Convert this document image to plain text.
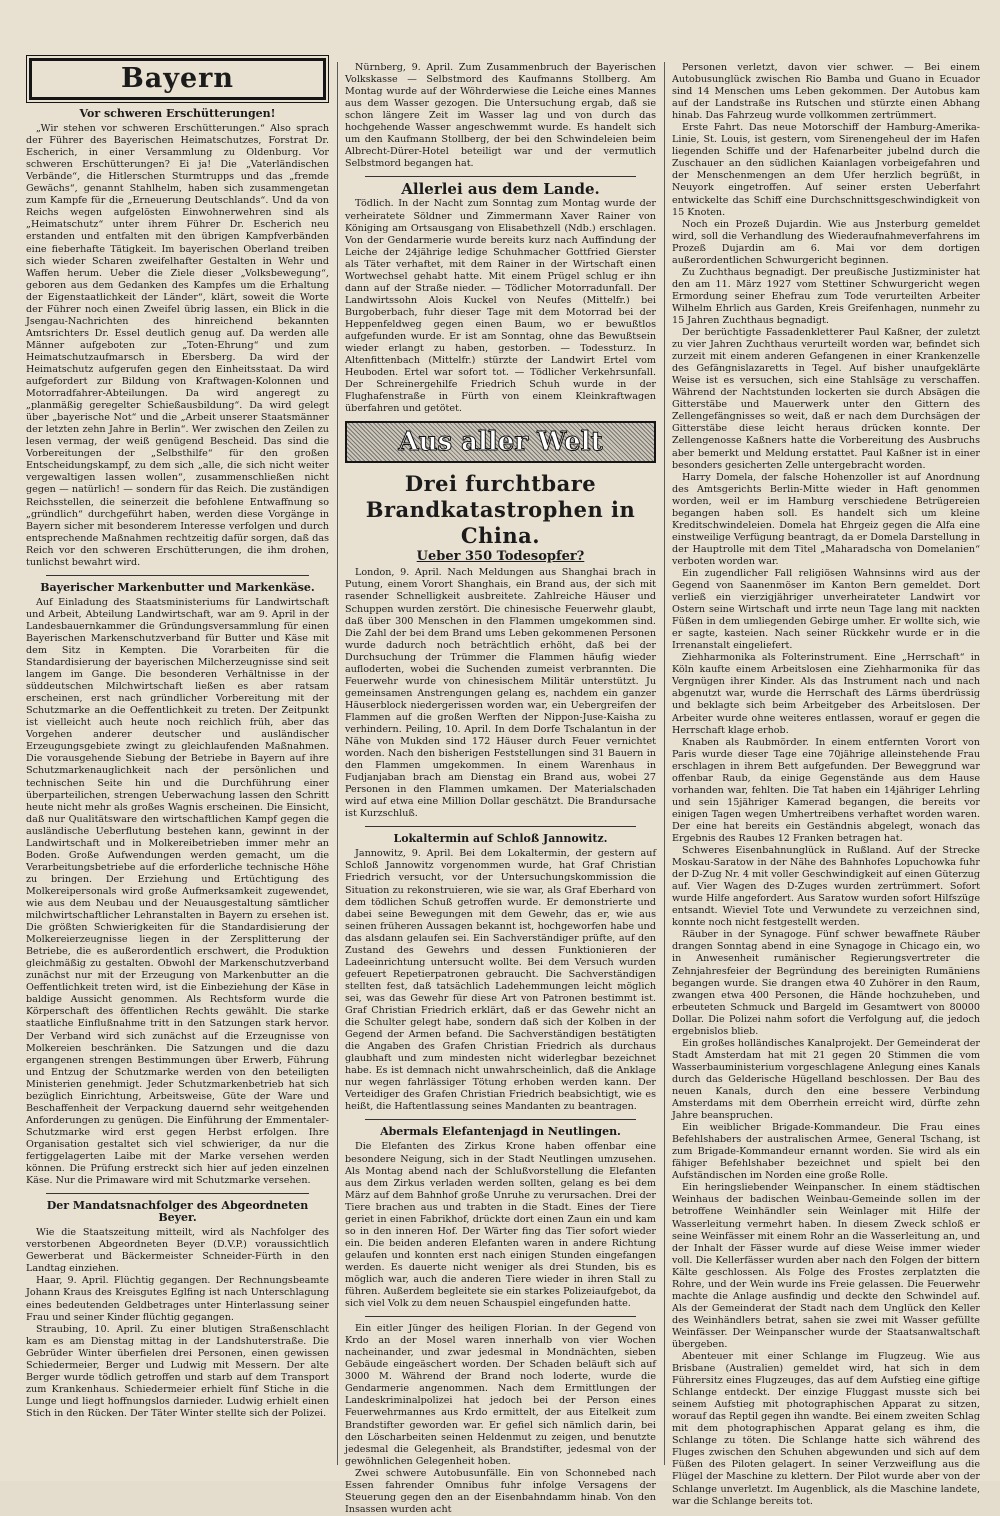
Bayern
Vor schweren Erschütterungen!

„Wir stehen vor schweren Erschütterungen.“ Also sprach der Führer des Bayerischen Heimatschutzes, Forstrat Dr. Escherich, in einer Versammlung zu Oldenburg. Vor schweren Erschütterungen? Ei ja! Die „Vaterländischen Verbände“, die Hitlerschen Sturmtrupps und das „fremde Gewächs“, genannt Stahlhelm, haben sich zusammengetan zum Kampfe für die „Erneuerung Deutschlands“. Und da von Reichs wegen aufgelösten Einwohnerwehren sind als „Heimatschutz“ unter ihrem Führer Dr. Escherich neu erstanden und entfalten mit den übrigen Kampfverbänden eine fieberhafte Tätigkeit. Im bayerischen Oberland treiben sich wieder Scharen zweifelhafter Gestalten in Wehr und Waffen herum. Ueber die Ziele dieser „Volksbewegung“, geboren aus dem Gedanken des Kampfes um die Erhaltung der Eigenstaatlichkeit der Länder“, klärt, soweit die Worte der Führer noch einen Zweifel übrig lassen, ein Blick in die Jsengau-Nachrichten des hinreichend bekannten Amtsrichters Dr. Essel deutlich genug auf. Da werden alle Männer aufgeboten zur „Toten-Ehrung“ und zum Heimatschutzaufmarsch in Ebersberg. Da wird der Heimatschutz aufgerufen gegen den Einheitsstaat. Da wird aufgefordert zur Bildung von Kraftwagen-Kolonnen und Motorradfahrer-Abteilungen. Da wird angeregt zu „planmäßig geregelter Schießausbildung“. Da wird gelegt über „bayerische Not“ und die „Arbeit unserer Staatsmänner der letzten zehn Jahre in Berlin“. Wer zwischen den Zeilen zu lesen vermag, der weiß genügend Bescheid. Das sind die Vorbereitungen der „Selbsthilfe“ für den großen Entscheidungskampf, zu dem sich „alle, die sich nicht weiter vergewaltigen lassen wollen“, zusammenschließen nicht gegen — natürlich! — sondern für das Reich. Die zuständigen Reichsstellen, die seinerzeit die befohlene Entwaffnung so „gründlich“ durchgeführt haben, werden diese Vorgänge in Bayern sicher mit besonderem Interesse verfolgen und durch entsprechende Maßnahmen rechtzeitig dafür sorgen, daß das Reich vor den schweren Erschütterungen, die ihm drohen, tunlichst bewahrt wird.

Bayerischer Markenbutter und Markenkäse.

Auf Einladung des Staatsministeriums für Landwirtschaft und Arbeit, Abteilung Landwirtschaft, war am 9. April in der Landesbauernkammer die Gründungsversammlung für einen Bayerischen Markenschutzverband für Butter und Käse mit dem Sitz in Kempten. Die Vorarbeiten für die Standardisierung der bayerischen Milcherzeugnisse sind seit langem im Gange. Die besonderen Verhältnisse in der süddeutschen Milchwirtschaft ließen es aber ratsam erscheinen, erst nach gründlicher Vorbereitung mit der Schutzmarke an die Oeffentlichkeit zu treten. Der Zeitpunkt ist vielleicht auch heute noch reichlich früh, aber das Vorgehen anderer deutscher und ausländischer Erzeugungsgebiete zwingt zu gleichlaufenden Maßnahmen. Die vorausgehende Siebung der Betriebe in Bayern auf ihre Schutzmarkenauglichkeit nach der persönlichen und technischen Seite hin und die Durchführung einer überparteilichen, strengen Ueberwachung lassen den Schritt heute nicht mehr als großes Wagnis erscheinen. Die Einsicht, daß nur Qualitätsware den wirtschaftlichen Kampf gegen die ausländische Ueberflutung bestehen kann, gewinnt in der Landwirtschaft und in Molkereibetrieben immer mehr an Boden. Große Aufwendungen werden gemacht, um die Verarbeitungsbetriebe auf die erforderliche technische Höhe zu bringen. Der Erziehung und Ertüchtigung des Molkereipersonals wird große Aufmerksamkeit zugewendet, wie aus dem Neubau und der Neuausgestaltung sämtlicher milchwirtschaftlicher Lehranstalten in Bayern zu ersehen ist. Die größten Schwierigkeiten für die Standardisierung der Molkereierzeugnisse liegen in der Zersplitterung der Betriebe, die es außerordentlich erschwert, die Produktion gleichmäßig zu gestalten. Obwohl der Markenschutzverband zunächst nur mit der Erzeugung von Markenbutter an die Oeffentlichkeit treten wird, ist die Einbeziehung der Käse in baldige Aussicht genommen. Als Rechtsform wurde die Körperschaft des öffentlichen Rechts gewählt. Die starke staatliche Einflußnahme tritt in den Satzungen stark hervor. Der Verband wird sich zunächst auf die Erzeugnisse von Molkereien beschränken. Die Satzungen und die dazu ergangenen strengen Bestimmungen über Erwerb, Führung und Entzug der Schutzmarke werden von den beteiligten Ministerien genehmigt. Jeder Schutzmarkenbetrieb hat sich bezüglich Einrichtung, Arbeitsweise, Güte der Ware und Beschaffenheit der Verpackung dauernd sehr weitgehenden Anforderungen zu genügen. Die Einführung der Emmentaler-Schutzmarke wird erst gegen Herbst erfolgen. Ihre Organisation gestaltet sich viel schwieriger, da nur die fertiggelagerten Laibe mit der Marke versehen werden können. Die Prüfung erstreckt sich hier auf jeden einzelnen Käse. Nur die Primaware wird mit Schutzmarke versehen.

Der Mandatsnachfolger des Abgeordneten Beyer.

Wie die Staatszeitung mitteilt, wird als Nachfolger des verstorbenen Abgeordneten Beyer (D.V.P.) voraussichtlich Gewerberat und Bäckermeister Schneider-Fürth in den Landtag einziehen.

Haar, 9. April. Flüchtig gegangen. Der Rechnungsbeamte Johann Kraus des Kreisgutes Eglfing ist nach Unterschlagung eines bedeutenden Geldbetrages unter Hinterlassung seiner Frau und seiner Kinder flüchtig gegangen.

Straubing, 10. April. Zu einer blutigen Straßenschlacht kam es am Dienstag mittag in der Landshuterstraße. Die Gebrüder Winter überfielen drei Personen, einen gewissen Schiedermeier, Berger und Ludwig mit Messern. Der alte Berger wurde tödlich getroffen und starb auf dem Transport zum Krankenhaus. Schiedermeier erhielt fünf Stiche in die Lunge und liegt hoffnungslos darnieder. Ludwig erhielt einen Stich in den Rücken. Der Täter Winter stellte sich der Polizei.

Nürnberg, 9. April. Zum Zusammenbruch der Bayerischen Volkskasse — Selbstmord des Kaufmanns Stollberg. Am Montag wurde auf der Wöhrderwiese die Leiche eines Mannes aus dem Wasser gezogen. Die Untersuchung ergab, daß sie schon längere Zeit im Wasser lag und von durch das hochgehende Wasser angeschwemmt wurde. Es handelt sich um den Kaufmann Stollberg, der bei den Schwindeleien beim Albrecht-Dürer-Hotel beteiligt war und der vermutlich Selbstmord begangen hat.

Allerlei aus dem Lande.

Tödlich. In der Nacht zum Sonntag zum Montag wurde der verheiratete Söldner und Zimmermann Xaver Rainer von Königing am Ortsausgang von Elisabethzell (Ndb.) erschlagen. Von der Gendarmerie wurde bereits kurz nach Auffindung der Leiche der 24jährige ledige Schuhmacher Gottfried Gierster als Täter verhaftet, mit dem Rainer in der Wirtschaft einen Wortwechsel gehabt hatte. Mit einem Prügel schlug er ihn dann auf der Straße nieder. — Tödlicher Motorradunfall. Der Landwirtssohn Alois Kuckel von Neufes (Mittelfr.) bei Burgoberbach, fuhr dieser Tage mit dem Motorrad bei der Heppenfeldweg gegen einen Baum, wo er bewußtlos aufgefunden wurde. Er ist am Sonntag, ohne das Bewußtsein wieder erlangt zu haben, gestorben. — Todessturz. In Altenfittenbach (Mittelfr.) stürzte der Landwirt Ertel vom Heuboden. Ertel war sofort tot. — Tödlicher Verkehrsunfall. Der Schreinergehilfe Friedrich Schuh wurde in der Flughafenstraße in Fürth von einem Kleinkraftwagen überfahren und getötet.

Aus aller Welt
Drei furchtbare Brandkatastrophen in China.
Ueber 350 Todesopfer?

London, 9. April. Nach Meldungen aus Shanghai brach in Putung, einem Vorort Shanghais, ein Brand aus, der sich mit rasender Schnelligkeit ausbreitete. Zahlreiche Häuser und Schuppen wurden zerstört. Die chinesische Feuerwehr glaubt, daß über 300 Menschen in den Flammen umgekommen sind. Die Zahl der bei dem Brand ums Leben gekommenen Personen wurde dadurch noch beträchtlich erhöht, daß bei der Durchsuchung der Trümmer die Flammen häufig wieder aufloderten, wobei die Suchenden zumeist verbrannten. Die Feuerwehr wurde von chinesischem Militär unterstützt. Ju gemeinsamen Anstrengungen gelang es, nachdem ein ganzer Häuserblock niedergerissen worden war, ein Uebergreifen der Flammen auf die großen Werften der Nippon-Juse-Kaisha zu verhindern. Peiling, 10. April. In dem Dorfe Tschalantun in der Nähe von Mukden sind 172 Häuser durch Feuer vernichtet worden. Nach den bisherigen Feststellungen sind 31 Bauern in den Flammen umgekommen. In einem Warenhaus in Fudjanjaban brach am Dienstag ein Brand aus, wobei 27 Personen in den Flammen umkamen. Der Materialschaden wird auf etwa eine Million Dollar geschätzt. Die Brandursache ist Kurzschluß.

Lokaltermin auf Schloß Jannowitz.

Jannowitz, 9. April. Bei dem Lokaltermin, der gestern auf Schloß Jannowitz vorgenommen wurde, hat Graf Christian Friedrich versucht, vor der Untersuchungskommission die Situation zu rekonstruieren, wie sie war, als Graf Eberhard von dem tödlichen Schuß getroffen wurde. Er demonstrierte und dabei seine Bewegungen mit dem Gewehr, das er, wie aus seinen früheren Aussagen bekannt ist, hochgeworfen habe und das alsdann gelaufen sei. Ein Sachverständiger prüfte, auf den Zustand des Gewehrs und dessen Funktionieren der Ladeeinrichtung untersucht wollte. Bei dem Versuch wurden gefeuert Repetierpatronen gebraucht. Die Sachverständigen stellten fest, daß tatsächlich Ladehemmungen leicht möglich sei, was das Gewehr für diese Art von Patronen bestimmt ist. Graf Christian Friedrich erklärt, daß er das Gewehr nicht an die Schulter gelegt habe, sondern daß sich der Kolben in der Gegend der Armen befand. Die Sachverständigen bestätigten die Angaben des Grafen Christian Friedrich als durchaus glaubhaft und zum mindesten nicht widerlegbar bezeichnet habe. Es ist demnach nicht unwahrscheinlich, daß die Anklage nur wegen fahrlässiger Tötung erhoben werden kann. Der Verteidiger des Grafen Christian Friedrich beabsichtigt, wie es heißt, die Haftentlassung seines Mandanten zu beantragen.

Abermals Elefantenjagd in Neutlingen.

Die Elefanten des Zirkus Krone haben offenbar eine besondere Neigung, sich in der Stadt Neutlingen umzusehen. Als Montag abend nach der Schlußvorstellung die Elefanten aus dem Zirkus verladen werden sollten, gelang es bei dem März auf dem Bahnhof große Unruhe zu verursachen. Drei der Tiere brachen aus und trabten in die Stadt. Eines der Tiere geriet in einen Fabrikhof, drückte dort einen Zaun ein und kam so in den inneren Hof. Der Wärter fing das Tier sofort wieder ein. Die beiden anderen Elefanten waren in andere Richtung gelaufen und konnten erst nach einigen Stunden eingefangen werden. Es dauerte nicht weniger als drei Stunden, bis es möglich war, auch die anderen Tiere wieder in ihren Stall zu führen. Außerdem begleitete sie ein starkes Polizeiaufgebot, da sich viel Volk zu dem neuen Schauspiel eingefunden hatte.

Ein eitler Jünger des heiligen Florian. In der Gegend von Krdo an der Mosel waren innerhalb von vier Wochen nacheinander, und zwar jedesmal in Mondnächten, sieben Gebäude eingeäschert worden. Der Schaden beläuft sich auf 3000 M. Während der Brand noch loderte, wurde die Gendarmerie angenommen. Nach dem Ermittlungen der Landeskriminalpolizei hat jedoch bei der Person eines Feuerwehrmannes aus Krdo ermittelt, der aus Eitelkeit zum Brandstifter geworden war. Er gefiel sich nämlich darin, bei den Löscharbeiten seinen Heldenmut zu zeigen, und benutzte jedesmal die Gelegenheit, als Brandstifter, jedesmal von der gewöhnlichen Gelegenheit hoben.

Zwei schwere Autobusunfälle. Ein von Schonnebed nach Essen fahrender Omnibus fuhr infolge Versagens der Steuerung gegen den an der Eisenbahndamm hinab. Von den Insassen wurden acht

Personen verletzt, davon vier schwer. — Bei einem Autobusunglück zwischen Rio Bamba und Guano in Ecuador sind 14 Menschen ums Leben gekommen. Der Autobus kam auf der Landstraße ins Rutschen und stürzte einen Abhang hinab. Das Fahrzeug wurde vollkommen zertrümmert.

Erste Fahrt. Das neue Motorschiff der Hamburg-Amerika-Linie, St. Louis, ist gestern, vom Sirenengeheul der im Hafen liegenden Schiffe und der Hafenarbeiter jubelnd durch die Zuschauer an den südlichen Kaianlagen vorbeigefahren und der Menschenmengen an dem Ufer herzlich begrüßt, in Neuyork eingetroffen. Auf seiner ersten Ueberfahrt entwickelte das Schiff eine Durchschnittsgeschwindigkeit von 15 Knoten.

Noch ein Prozeß Dujardin. Wie aus Jnsterburg gemeldet wird, soll die Verhandlung des Wiederaufnahmeverfahrens im Prozeß Dujardin am 6. Mai vor dem dortigen außerordentlichen Schwurgericht beginnen.

Zu Zuchthaus begnadigt. Der preußische Justizminister hat den am 11. März 1927 vom Stettiner Schwurgericht wegen Ermordung seiner Ehefrau zum Tode verurteilten Arbeiter Wilhelm Ehrlich aus Garden, Kreis Greifenhagen, nunmehr zu 15 Jahren Zuchthaus begnadigt.

Der berüchtigte Fassadenkletterer Paul Kaßner, der zuletzt zu vier Jahren Zuchthaus verurteilt worden war, befindet sich zurzeit mit einem anderen Gefangenen in einer Krankenzelle des Gefängnislazaretts in Tegel. Auf bisher unaufgeklärte Weise ist es versuchen, sich eine Stahlsäge zu verschaffen. Während der Nachtstunden lockerten sie durch Absägen die Gitterstäbe und Mauerwerk unter den Gittern des Zellengefängnisses so weit, daß er nach dem Durchsägen der Gitterstäbe diese leicht heraus drücken konnte. Der Zellengenosse Kaßners hatte die Vorbereitung des Ausbruchs aber bemerkt und Meldung erstattet. Paul Kaßner ist in einer besonders gesicherten Zelle untergebracht worden.

Harry Domela, der falsche Hohenzoller ist auf Anordnung des Amtsgerichts Berlin-Mitte wieder in Haft genommen worden, weil er im Hamburg verschiedene Betrügereien begangen haben soll. Es handelt sich um kleine Kreditschwindeleien. Domela hat Ehrgeiz gegen die Alfa eine einstweilige Verfügung beantragt, da er Domela Darstellung in der Hauptrolle mit dem Titel „Maharadscha von Domelanien“ verboten worden war.

Ein zugendlicher Fall religiösen Wahnsinns wird aus der Gegend von Saanenmöser im Kanton Bern gemeldet. Dort verließ ein vierzigjähriger unverheirateter Landwirt vor Ostern seine Wirtschaft und irrte neun Tage lang mit nackten Füßen in dem umliegenden Gebirge umher. Er wollte sich, wie er sagte, kasteien. Nach seiner Rückkehr wurde er in die Irrenanstalt eingeliefert.

Ziehharmonika als Folterinstrument. Eine „Herrschaft“ in Köln kaufte einem Arbeitslosen eine Ziehharmonika für das Vergnügen ihrer Kinder. Als das Instrument nach und nach abgenutzt war, wurde die Herrschaft des Lärms überdrüssig und beklagte sich beim Arbeitgeber des Arbeitslosen. Der Arbeiter wurde ohne weiteres entlassen, worauf er gegen die Herrschaft klage erhob.

Knaben als Raubmörder. In einem entfernten Vorort von Paris wurde dieser Tage eine 70jährige alleinstehende Frau erschlagen in ihrem Bett aufgefunden. Der Beweggrund war offenbar Raub, da einige Gegenstände aus dem Hause vorhanden war, fehlten. Die Tat haben ein 14jähriger Lehrling und sein 15jähriger Kamerad begangen, die bereits vor einigen Tagen wegen Umhertreibens verhaftet worden waren. Der eine hat bereits ein Geständnis abgelegt, wonach das Ergebnis des Raubes 12 Franken betragen hat.

Schweres Eisenbahnunglück in Rußland. Auf der Strecke Moskau-Saratow in der Nähe des Bahnhofes Lopuchowka fuhr der D-Zug Nr. 4 mit voller Geschwindigkeit auf einen Güterzug auf. Vier Wagen des D-Zuges wurden zertrümmert. Sofort wurde Hilfe angefordert. Aus Saratow wurden sofort Hilfszüge entsandt. Wieviel Tote und Verwundete zu verzeichnen sind, konnte noch nicht festgestellt werden.

Räuber in der Synagoge. Fünf schwer bewaffnete Räuber drangen Sonntag abend in eine Synagoge in Chicago ein, wo in Anwesenheit rumänischer Regierungsvertreter die Zehnjahresfeier der Begründung des bereinigten Rumäniens begangen wurde. Sie drangen etwa 40 Zuhörer in den Raum, zwangen etwa 400 Personen, die Hände hochzuheben, und erbeuteten Schmuck und Bargeld im Gesamtwert von 80000 Dollar. Die Polizei nahm sofort die Verfolgung auf, die jedoch ergebnislos blieb.

Ein großes holländisches Kanalprojekt. Der Gemeinderat der Stadt Amsterdam hat mit 21 gegen 20 Stimmen die vom Wasserbauministerium vorgeschlagene Anlegung eines Kanals durch das Gelderische Hügelland beschlossen. Der Bau des neuen Kanals, durch den eine bessere Verbindung Amsterdams mit dem Oberrhein erreicht wird, dürfte zehn Jahre beanspruchen.

Ein weiblicher Brigade-Kommandeur. Die Frau eines Befehlshabers der australischen Armee, General Tschang, ist zum Brigade-Kommandeur ernannt worden. Sie wird als ein fähiger Befehlshaber bezeichnet und spielt bei den Aufständischen im Norden eine große Rolle.

Ein heringsliebender Weinpanscher. In einem städtischen Weinhaus der badischen Weinbau-Gemeinde sollen im der betroffene Weinhändler sein Weinlager mit Hilfe der Wasserleitung vermehrt haben. In diesem Zweck schloß er seine Weinfässer mit einem Rohr an die Wasserleitung an, und der Inhalt der Fässer wurde auf diese Weise immer wieder voll. Die Kellerfässer wurden aber nach den Folgen der bittern Kälte geschlossen. Als Folge des Frostes zerplatzten die Rohre, und der Wein wurde ins Freie gelassen. Die Feuerwehr machte die Anlage ausfindig und deckte den Schwindel auf. Als der Gemeinderat der Stadt nach dem Unglück den Keller des Weinhändlers betrat, sahen sie zwei mit Wasser gefüllte Weinfässer. Der Weinpanscher wurde der Staatsanwaltschaft übergeben.

Abenteuer mit einer Schlange im Flugzeug. Wie aus Brisbane (Australien) gemeldet wird, hat sich in dem Führersitz eines Flugzeuges, das auf dem Aufstieg eine giftige Schlange entdeckt. Der einzige Fluggast musste sich bei seinem Aufstieg mit photographischen Apparat zu sitzen, worauf das Reptil gegen ihn wandte. Bei einem zweiten Schlag mit dem photographischen Apparat gelang es ihm, die Schlange zu töten. Die Schlange hatte sich während des Fluges zwischen den Schuhen abgewunden und sich auf dem Füßen des Piloten gelagert. In seiner Verzweiflung aus die Flügel der Maschine zu klettern. Der Pilot wurde aber von der Schlange unverletzt. Im Augenblick, als die Maschine landete, war die Schlange bereits tot.
